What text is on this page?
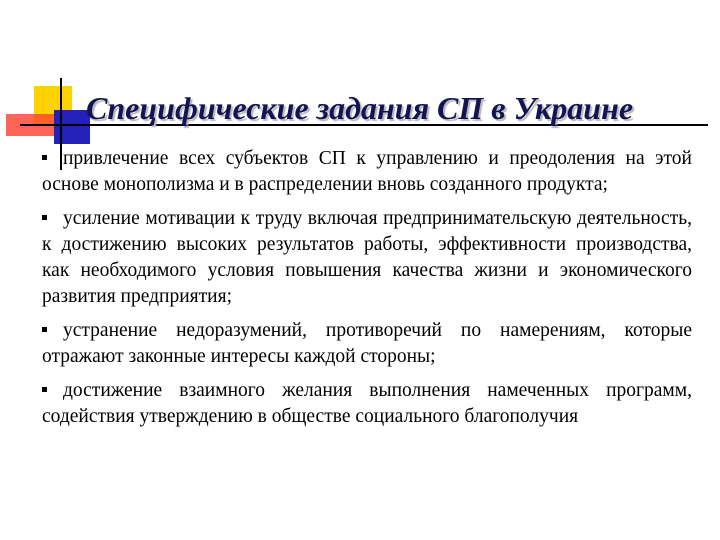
Специфические задания СП в Украине
привлечение всех субъектов СП к управлению и преодоления на этой основе монополизма и в распределении вновь созданного продукта;
усиление мотивации к труду включая предпринимательскую деятельность, к достижению высоких результатов работы, эффективности производства, как необходимого условия повышения качества жизни и экономического развития предприятия;
устранение недоразумений, противоречий по намерениям, которые отражают законные интересы каждой стороны;
достижение взаимного желания выполнения намеченных программ, содействия утверждению в обществе социального благополучия
